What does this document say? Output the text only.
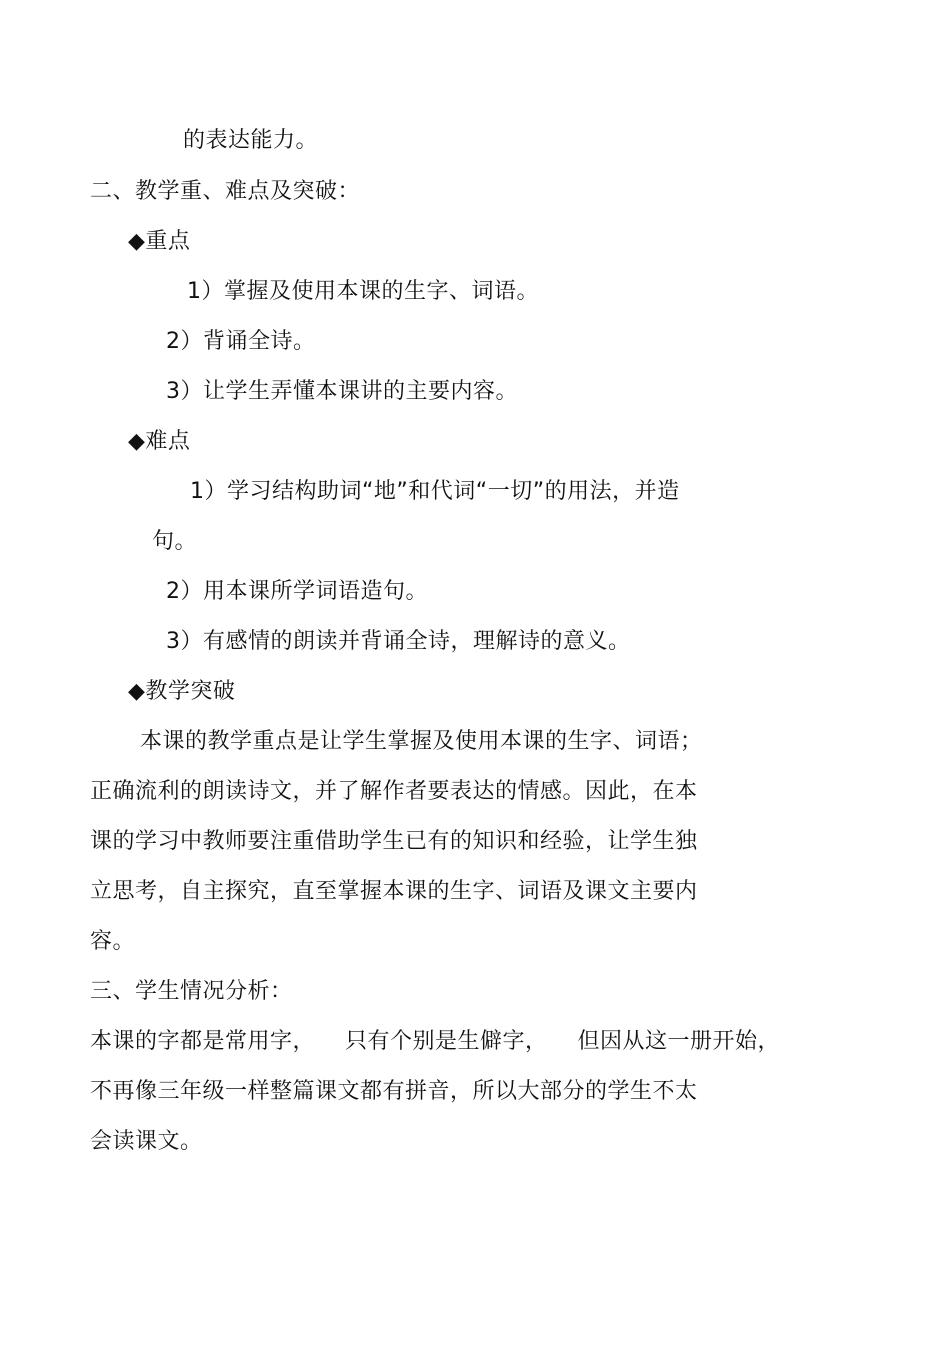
的表达能力。
二、教学重、难点及突破：
◆重点
1）掌握及使用本课的生字、词语。
2）背诵全诗。
3）让学生弄懂本课讲的主要内容。
◆难点
1）学习结构助词“地”和代词“一切”的用法，并造
句。
2）用本课所学词语造句。
3）有感情的朗读并背诵全诗，理解诗的意义。
◆教学突破
本课的教学重点是让学生掌握及使用本课的生字、词语；
正确流利的朗读诗文，并了解作者要表达的情感。因此，在本
课的学习中教师要注重借助学生已有的知识和经验，让学生独
立思考，自主探究，直至掌握本课的生字、词语及课文主要内
容。
三、学生情况分析：
本课的字都是常用字，    只有个别是生僻字，    但因从这一册开始，
不再像三年级一样整篇课文都有拼音，所以大部分的学生不太
会读课文。
